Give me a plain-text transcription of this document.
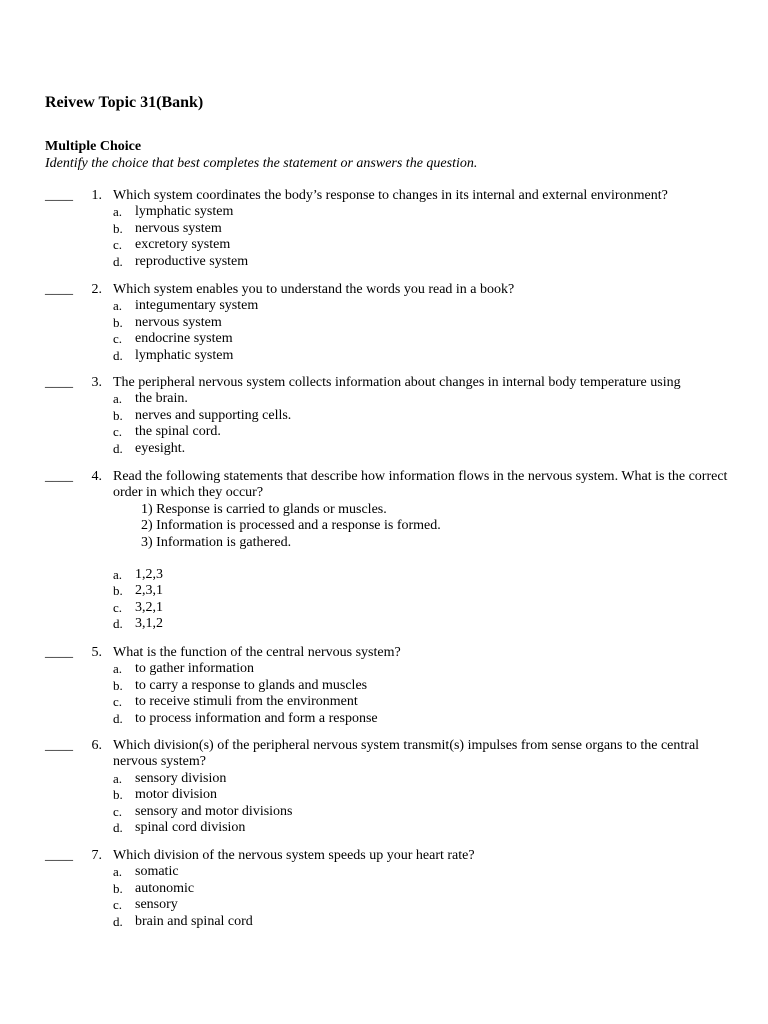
Reivew Topic 31(Bank)
Multiple Choice
Identify the choice that best completes the statement or answers the question.
____	1. Which system coordinates the body’s response to changes in its internal and external environment?
a. lymphatic system
b. nervous system
c. excretory system
d. reproductive system
____	2. Which system enables you to understand the words you read in a book?
a. integumentary system
b. nervous system
c. endocrine system
d. lymphatic system
____	3. The peripheral nervous system collects information about changes in internal body temperature using
a. the brain.
b. nerves and supporting cells.
c. the spinal cord.
d. eyesight.
____	4. Read the following statements that describe how information flows in the nervous system. What is the correct order in which they occur?
1) Response is carried to glands or muscles.
2) Information is processed and a response is formed.
3) Information is gathered.
a. 1,2,3
b. 2,3,1
c. 3,2,1
d. 3,1,2
____	5. What is the function of the central nervous system?
a. to gather information
b. to carry a response to glands and muscles
c. to receive stimuli from the environment
d. to process information and form a response
____	6. Which division(s) of the peripheral nervous system transmit(s) impulses from sense organs to the central nervous system?
a. sensory division
b. motor division
c. sensory and motor divisions
d. spinal cord division
____	7. Which division of the nervous system speeds up your heart rate?
a. somatic
b. autonomic
c. sensory
d. brain and spinal cord
